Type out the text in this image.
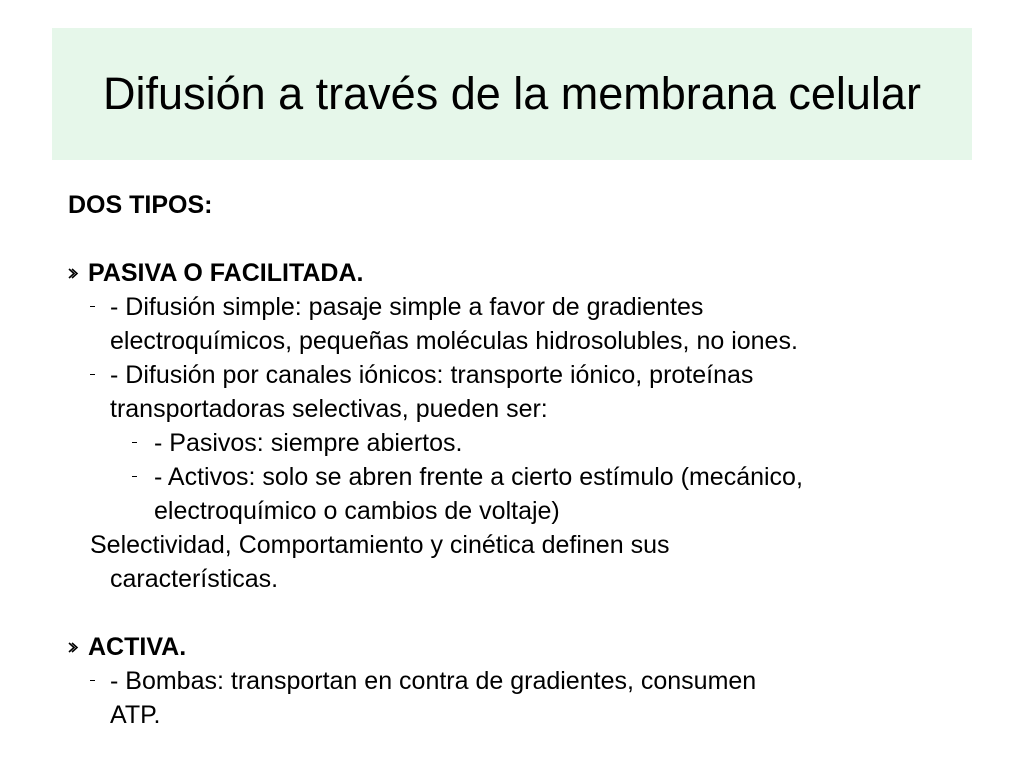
Difusión a través de la membrana celular

DOS TIPOS:

PASIVA O FACILITADA.

- Difusión simple: pasaje simple a favor de gradientes
electroquímicos, pequeñas moléculas hidrosolubles, no iones.
- Difusión por canales iónicos: transporte iónico, proteínas
transportadoras selectivas, pueden ser:
- Pasivos: siempre abiertos.
- Activos: solo se abren frente a cierto estímulo (mecánico,
electroquímico o cambios de voltaje)

Selectividad, Comportamiento y cinética definen sus
características.

ACTIVA.

- Bombas: transportan en contra de gradientes, consumen
ATP.
